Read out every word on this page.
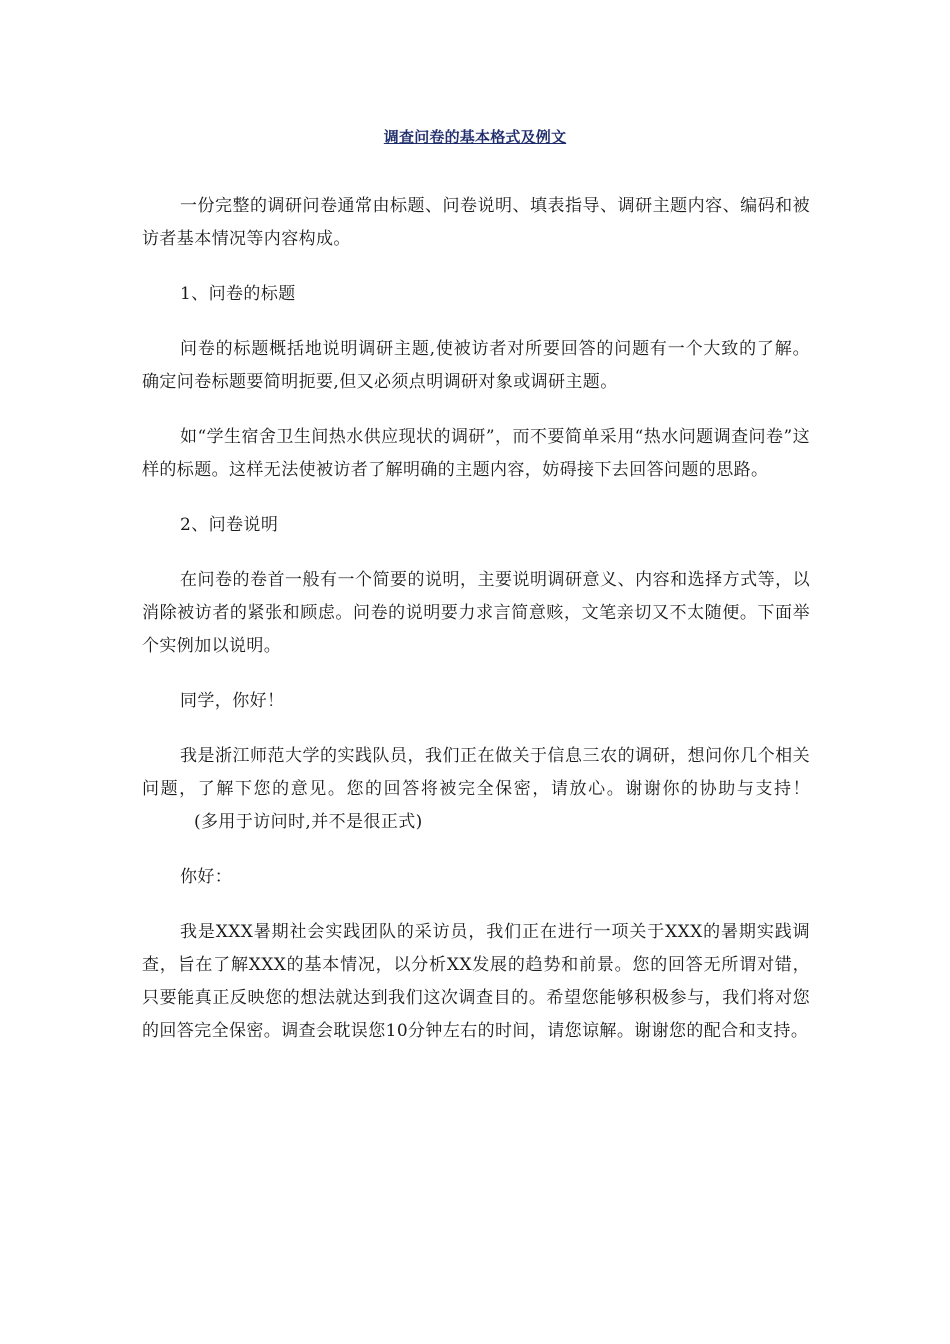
调查问卷的基本格式及例文

一份完整的调研问卷通常由标题、问卷说明、填表指导、调研主题内容、编码和被访者基本情况等内容构成。

1、问卷的标题

问卷的标题概括地说明调研主题,使被访者对所要回答的问题有一个大致的了解。确定问卷标题要简明扼要,但又必须点明调研对象或调研主题。

如“学生宿舍卫生间热水供应现状的调研”，而不要简单采用“热水问题调查问卷”这样的标题。这样无法使被访者了解明确的主题内容，妨碍接下去回答问题的思路。

2、问卷说明

在问卷的卷首一般有一个简要的说明，主要说明调研意义、内容和选择方式等，以消除被访者的紧张和顾虑。问卷的说明要力求言简意赅，文笔亲切又不太随便。下面举个实例加以说明。

同学，你好！

我是浙江师范大学的实践队员，我们正在做关于信息三农的调研，想问你几个相关问题，了解下您的意见。您的回答将被完全保密，请放心。谢谢你的协助与支持！(多用于访问时,并不是很正式)

你好：

我是XXX暑期社会实践团队的采访员，我们正在进行一项关于XXX的暑期实践调查，旨在了解XXX的基本情况，以分析XX发展的趋势和前景。您的回答无所谓对错，只要能真正反映您的想法就达到我们这次调查目的。希望您能够积极参与，我们将对您的回答完全保密。调查会耽误您10分钟左右的时间，请您谅解。谢谢您的配合和支持。
